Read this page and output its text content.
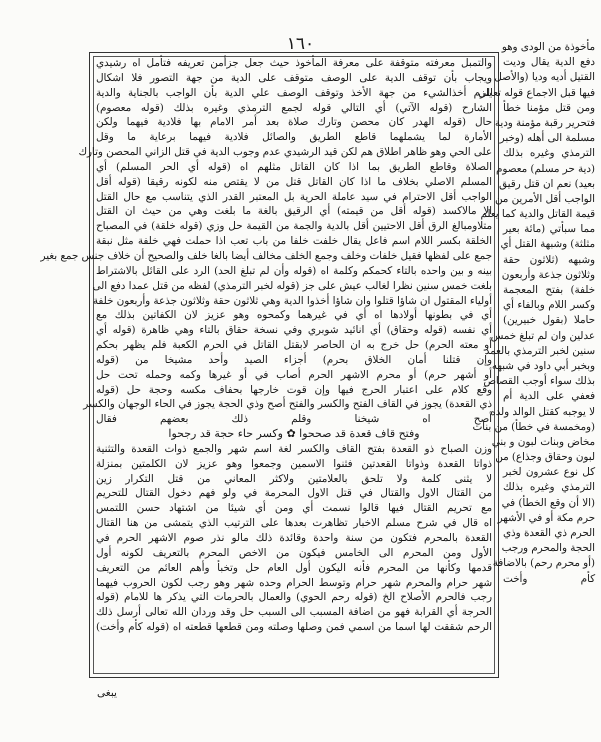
١٦٠
والتمبل معرفته متوقفة على معرفة المأخوذ حيث جعل جزأمن تعريفه فتأمل اه رشيدي
ويجاب بأن توقف الدية على الوصف متوقف على الدية من جهة التصور فلا اشكال
يلزم أخذالشيء من جهة الأخذ وتوقف الوصف علي الدية بأن الواجب بالجناية والدية
الشارح (قوله الآتي) أي التالي قوله لجمع الترمذي وغيره بذلك (قوله معصوم)
حال (قوله الهدر كان محصن وتارك صلاة بعد أمر الامام بها فلادية فيهما ولكن
الأمارة لما يشملهما قاطع الطريق والصائل فلادية فيهما برعاية ما وقل
على الحي وهو ظاهر اطلاق هم لكن قيد الرشيدي عدم وجوب الدية في قتل الزاني المحصن وتارك
الصلاة وقاطع الطريق بما اذا كان القاتل مثلهم اه (قوله أي الحر المسلم) أي
المسلم الاصلي بخلاف ما اذا كان القاتل قتل من لا يقتص منه لكونه رقيقا (قوله أقل
الواجب أقل الاحترام في سيد عاملة الحرية بل المعتبر القدر الذي يتناسب مع حال القتل
الا مالاكسد (قوله أقل من قيمته) أي الرقيق بالغة ما بلغت وهي من حيث ان القتل
متلاومبالغ الرق أقل الاحتيين أقل بالدية والجمة من القيمة حل وزي (قوله خلقة) في المصباح
الخلقة بكسر اللام اسم فاعل يقال خلفت خلفا من باب تعب اذا حملت فهي خلفة مثل نبقة
جمع على لفظها فقيل خلفات وخلف وجمع الخلف مخالف أيضا بالغا خلف والصحيح أن خلاف جنس جمع بغير
بينه و بين واحده بالتاء كحمكم وكلمة اه (قوله وأن لم تبلغ الحد) الرد على القائل بالاشتراط
بلغت خمس سنين نظرا لغالب عيش على جز (قوله لخبر الترمذي) لفظه من قتل عمدا دفع الى
أولياء المقتول ان شاؤا قتلوا وان شاؤا أخذوا الدية وهي ثلاثون حقة وثلاثون جذعة وأربعون خلفة
أي في بطونها أولادها اه أي في غيرهما وكمحوه وهو عزيز لان الكفاتين بذلك مع
أي نفسه (قوله وحقاق) أي انائيد شوبري وفي نسخة حقاق بالتاء وهي ظاهرة (قوله أي
أو معته الحرم) حل خرج به ان الحاصر لابقتل القاتل في الحرم الكعبة فلم يظهر بحكم
وإن قتلنا أمان الخلاق بحرم) أجزاء الصيد وأحد مشيخا من (قوله
أو أشهر حرم) أو محرم الاشهر الحرم أصاب في أو غيرها وكمه وحمله تحت حل
وقع كلام على اعتبار الحرج فيها وإن قوت خارجها بحفاف مكسه وحجة حل (قوله
ذي القعدة) يجوز في القاف الفتح والكسر والفتح أصح وذي الحجة يجوز في الحاء الوجهان والكسر
أصح اه شيخنا وقلم ذلك بعضهم فقال
وفتح قاف قعدة قد صححوا ✿ وكسر حاء حجة قد رجحوا
وزن الصباح ذو القعدة بفتح القاف والكسر لغة اسم شهر والجمع ذوات القعدة والتثنية
ذواتا القعدة وذواتا القعدتين فثنوا الاسمين وجمعوا وهو عزيز لان الكلمتين بمنزلة
لا يثنى كلمة ولا تلحق بالعلامتين ولاكثر المعاني من قتل التكرار زين
من القتال الاول والقتال في قتل الاول المحرمة في ولو فهم دخول القتال للتحريم
مع تحريم القتال فيها قالوا نسمت أي ومن أي شيئا من اشتهاد حسن اللتمس
اه قال في شرح مسلم الاخبار تظاهرت بعدها على الترتيب الذي يتمشى من هنا القتال
القعدة بالمحرم فتكون من سنة واحدة وقائدة ذلك مالو نذر صوم الاشهر الحرم في
الأول ومن المحرم الى الخامس فيكون من الاخص المحرم بالتعريف لكونه أول
قدمها وكأنها من المحرم فأنه اليكون أول العام حل وتخبأ وأهم العائم من التعريف
شهر حرام والمحرم شهر حرام وتوسط الحرام وحده شهر وهو رجب لكون الحروب فيهما
رجب فالحرم الأصلاح الخ (قوله رحم الحوي) والعمال بالحرمات التي يذكر ها للامام (قوله
الحرجة أي القرابة فهو من اضافة المسبب الى السبب حل وقد وردان الله تعالى أرسل ذلك
الرحم شققت لها اسما من اسمي فمن وصلها وصلته ومن قطعها قطعته اه (قوله كأم وأخت)
مأخوذة من الودى وهو
دفع الدية يقال وديت
القتيل أديه وديا (والأصل
فيها قبل الاجماع قوله تعالى
ومن قتل مؤمنا خطأ
فتحرير رقبة مؤمنة ودية
مسلمة الى أهله (وخبر
الترمذي وغيره بذلك
(دية حر مسلم) معصوم
بعيد) نعم ان قتل رقيق
الواجب أقل الأمرين من
قيمة القاتل والدية كما يعلم
مما سبأتي (مائة بعير
مثلثة) وشبهة القتل أي
وشبهه (ثلاثون حقة
وثلاثون جذعة وأربعون
خلفة) بفتح المعجمة
وكسر اللام وبالفاء أي
حاملا (بقول خبيرين)
عدلين وان لم تبلغ خمس
سنين لخبر الترمذي بالعمد
وبخبر أبي داود في شبهه
بذلك سواء أوجب القصاص
فعفي على الدية أم
لا يوجبه كقتل الوالد ولده
(ومخمسة في خطأ) من بنات
مخاض وبنات لبون و بني
لبون وحقاق وجذاع) من
كل نوع عشرون لخبر
الترمذي وغيره بذلك
(الا أن وقع الخطأ) في
حرم مكة أو في الأشهر
الحرم ذي القعدة وذي
الحجة والمحرم ورجب
(أو محرم رحم) بالاضافة
كأم وأخت
يبغى
